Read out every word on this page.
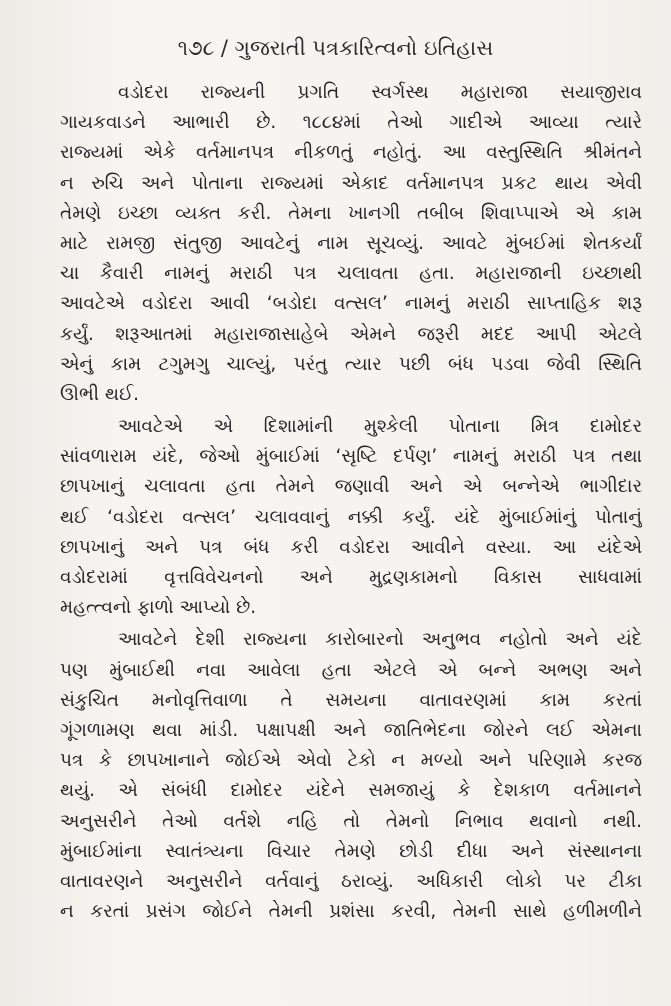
૧૭૮ / ગુજરાતી પત્રકારિત્વનો ઇતિહાસ
વડોદરા રાજ્યની પ્રગતિ સ્વર્ગસ્થ મહારાજા સયાજીરાવ
ગાયકવાડને આભારી છે. ૧૮૮૪માં તેઓ ગાદીએ આવ્યા ત્યારે
રાજ્યમાં એકે વર્તમાનપત્ર નીકળતું નહોતું. આ વસ્તુસ્થિતિ શ્રીમંતને
ન રુચિ અને પોતાના રાજ્યમાં એકાદ વર્તમાનપત્ર પ્રકટ થાય એવી
તેમણે ઇચ્છા વ્યક્ત કરી. તેમના ખાનગી તબીબ શિવાપ્પાએ એ કામ
માટે રામજી સંતુજી આવટેનું નામ સૂચવ્યું. આવટે મુંબઈમાં શેતકર્યાં
ચા કૈવારી નામનું મરાઠી પત્ર ચલાવતા હતા. મહારાજાની ઇચ્છાથી
આવટેએ વડોદરા આવી ‘બડોદા વત્સલ’ નામનું મરાઠી સાપ્તાહિક શરૂ
કર્યું. શરૂઆતમાં મહારાજાસાહેબે એમને જરૂરી મદદ આપી એટલે
એનું કામ ટગુમગુ ચાલ્યું, પરંતુ ત્યાર પછી બંધ પડવા જેવી સ્થિતિ
ઊભી થઈ.
આવટેએ એ દિશામાંની મુશ્કેલી પોતાના મિત્ર દામોદર
સાંવળારામ યંદે, જેઓ મુંબાઈમાં ‘સૃષ્ટિ દર્પણ’ નામનું મરાઠી પત્ર તથા
છાપખાનું ચલાવતા હતા તેમને જણાવી અને એ બન્નેએ ભાગીદાર
થઈ ‘વડોદરા વત્સલ’ ચલાવવાનું નક્કી કર્યું. યંદે મુંબાઈમાંનું પોતાનું
છાપખાનું અને પત્ર બંધ કરી વડોદરા આવીને વસ્યા. આ યંદેએ
વડોદરામાં વૃત્તવિવેચનનો અને મુદ્રણકામનો વિકાસ સાધવામાં
મહત્ત્વનો ફાળો આપ્યો છે.
આવટેને દેશી રાજ્યના કારોબારનો અનુભવ નહોતો અને યંદે
પણ મુંબાઈથી નવા આવેલા હતા એટલે એ બન્ને અભણ અને
સંકુચિત મનોવૃત્તિવાળા તે સમયના વાતાવરણમાં કામ કરતાં
ગૂંગળામણ થવા માંડી. પક્ષાપક્ષી અને જાતિભેદના જોરને લઈ એમના
પત્ર કે છાપખાનાને જોઈએ એવો ટેકો ન મળ્યો અને પરિણામે કરજ
થયું. એ સંબંધી દામોદર યંદેને સમજાયું કે દેશકાળ વર્તમાનને
અનુસરીને તેઓ વર્તશે નહિ તો તેમનો નિભાવ થવાનો નથી.
મુંબાઈમાંના સ્વાતંત્ર્યના વિચાર તેમણે છોડી દીધા અને સંસ્થાનના
વાતાવરણને અનુસરીને વર્તવાનું ઠરાવ્યું. અધિકારી લોકો પર ટીકા
ન કરતાં પ્રસંગ જોઈને તેમની પ્રશંસા કરવી, તેમની સાથે હળીમળીને
